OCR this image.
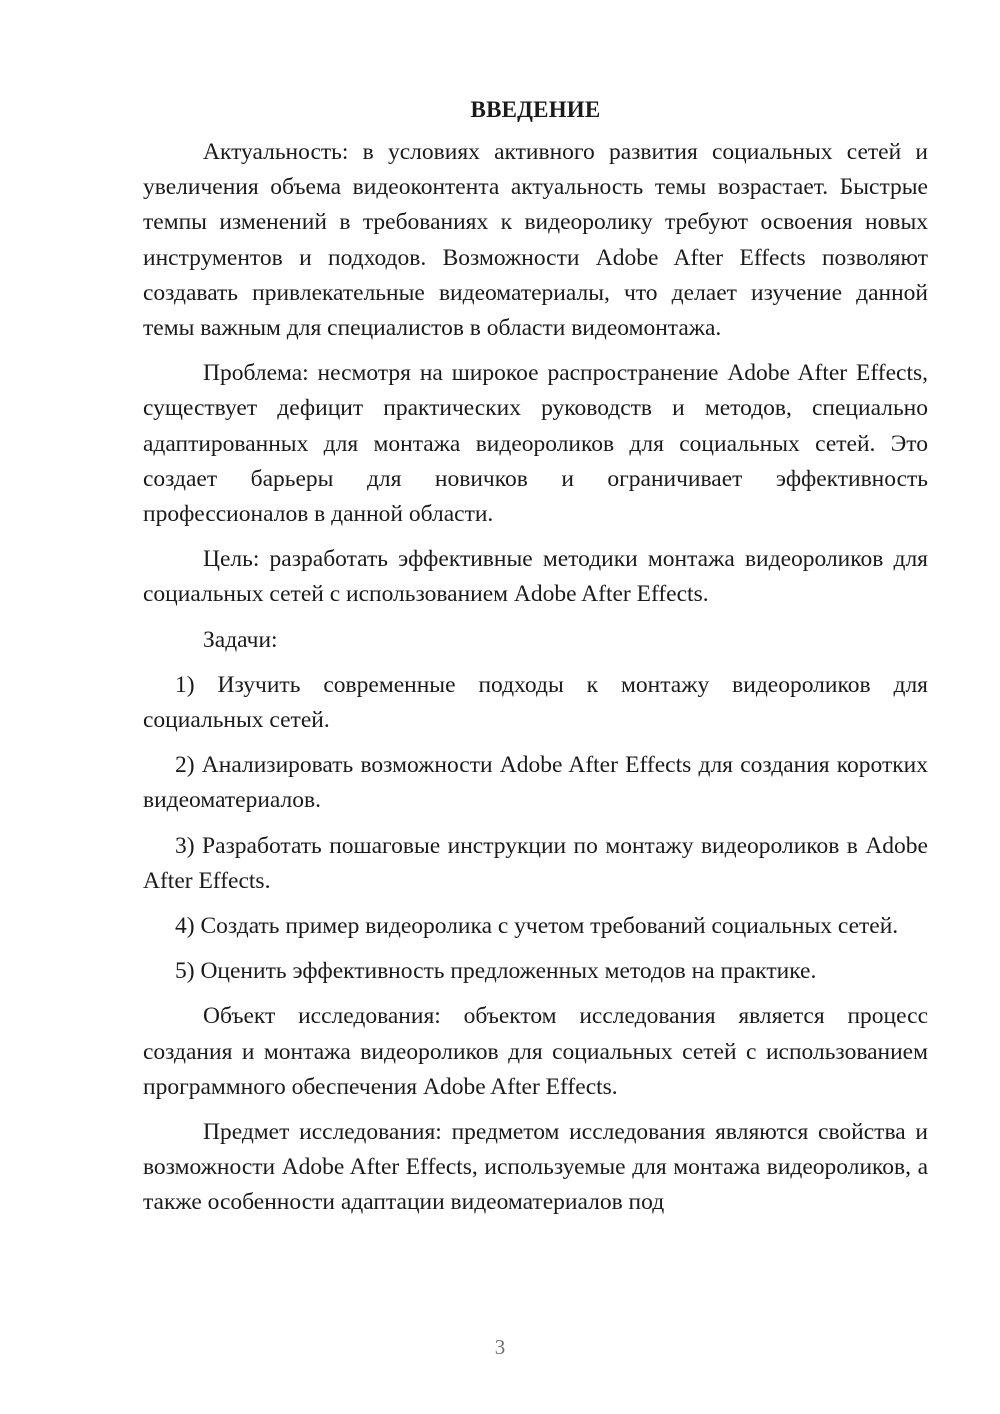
ВВЕДЕНИЕ

Актуальность: в условиях активного развития социальных сетей и увеличения объема видеоконтента актуальность темы возрастает. Быстрые темпы изменений в требованиях к видеоролику требуют освоения новых инструментов и подходов. Возможности Adobe After Effects позволяют создавать привлекательные видеоматериалы, что делает изучение данной темы важным для специалистов в области видеомонтажа.

Проблема: несмотря на широкое распространение Adobe After Effects, существует дефицит практических руководств и методов, специально адаптированных для монтажа видеороликов для социальных сетей. Это создает барьеры для новичков и ограничивает эффективность профессионалов в данной области.

Цель: разработать эффективные методики монтажа видеороликов для социальных сетей с использованием Adobe After Effects.

Задачи:

1) Изучить современные подходы к монтажу видеороликов для социальных сетей.

2) Анализировать возможности Adobe After Effects для создания коротких видеоматериалов.

3) Разработать пошаговые инструкции по монтажу видеороликов в Adobe After Effects.

4) Создать пример видеоролика с учетом требований социальных сетей.

5) Оценить эффективность предложенных методов на практике.

Объект исследования: объектом исследования является процесс создания и монтажа видеороликов для социальных сетей с использованием программного обеспечения Adobe After Effects.

Предмет исследования: предметом исследования являются свойства и возможности Adobe After Effects, используемые для монтажа видеороликов, а также особенности адаптации видеоматериалов под

3
